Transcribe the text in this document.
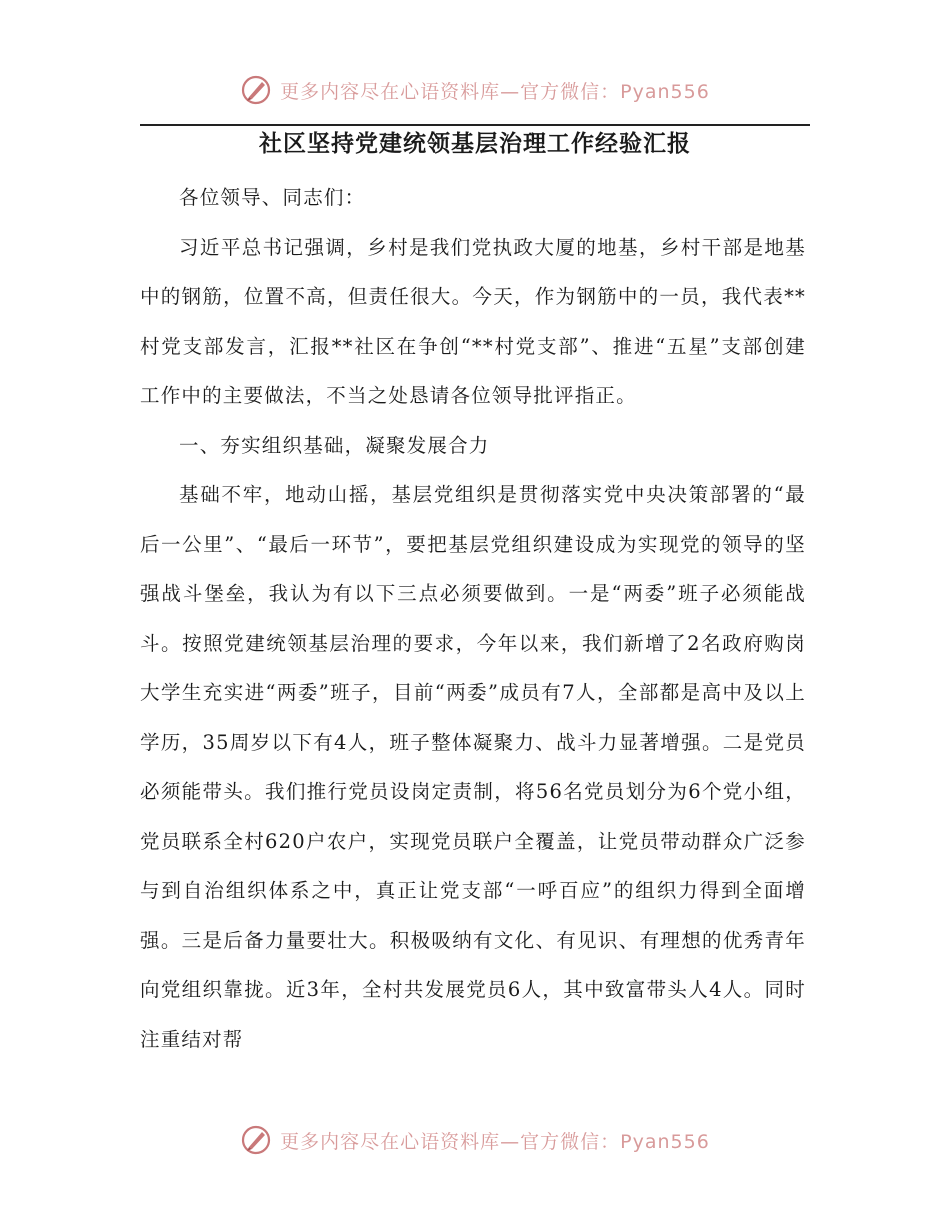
更多内容尽在心语资料库—官方微信：Pyan556
社区坚持党建统领基层治理工作经验汇报

各位领导、同志们：

习近平总书记强调，乡村是我们党执政大厦的地基，乡村干部是地基中的钢筋，位置不高，但责任很大。今天，作为钢筋中的一员，我代表**村党支部发言，汇报**社区在争创“**村党支部”、推进“五星”支部创建工作中的主要做法，不当之处恳请各位领导批评指正。

一、夯实组织基础，凝聚发展合力

基础不牢，地动山摇，基层党组织是贯彻落实党中央决策部署的“最后一公里”、“最后一环节”，要把基层党组织建设成为实现党的领导的坚强战斗堡垒，我认为有以下三点必须要做到。一是“两委”班子必须能战斗。按照党建统领基层治理的要求，今年以来，我们新增了2名政府购岗大学生充实进“两委”班子，目前“两委”成员有7人，全部都是高中及以上学历，35周岁以下有4人，班子整体凝聚力、战斗力显著增强。二是党员必须能带头。我们推行党员设岗定责制，将56名党员划分为6个党小组，党员联系全村620户农户，实现党员联户全覆盖，让党员带动群众广泛参与到自治组织体系之中，真正让党支部“一呼百应”的组织力得到全面增强。三是后备力量要壮大。积极吸纳有文化、有见识、有理想的优秀青年向党组织靠拢。近3年，全村共发展党员6人，其中致富带头人4人。同时注重结对帮

更多内容尽在心语资料库—官方微信：Pyan556
